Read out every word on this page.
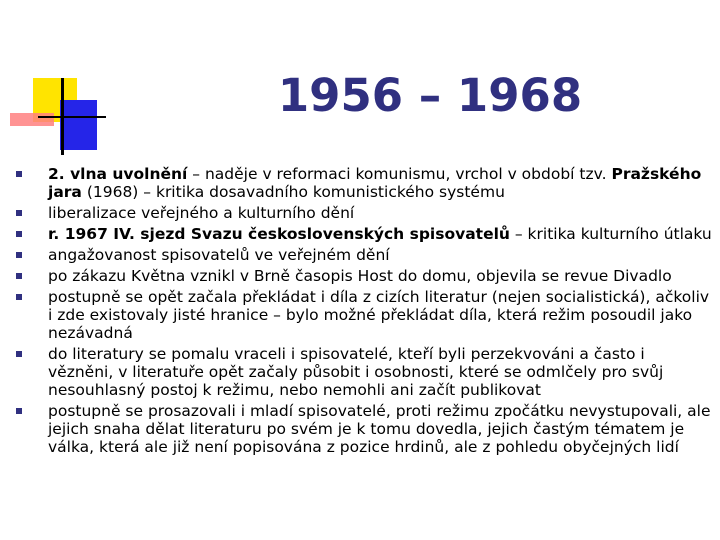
1956 – 1968
2. vlna uvolnění – naděje v reformaci komunismu, vrchol v období tzv. Pražského jara (1968) – kritika dosavadního komunistického systému
liberalizace veřejného a kulturního dění
r. 1967 IV. sjezd Svazu československých spisovatelů – kritika kulturního útlaku
angažovanost spisovatelů ve veřejném dění
po zákazu Května vznikl v Brně časopis Host do domu, objevila se revue Divadlo
postupně se opět začala překládat i díla z cizích literatur (nejen socialistická), ačkoliv i zde existovaly jisté hranice – bylo možné překládat díla, která režim posoudil jako nezávadná
do literatury se pomalu vraceli i spisovatelé, kteří byli perzekvováni a často i vězněni, v literatuře opět začaly působit i osobnosti, které se odmlčely pro svůj nesouhlasný postoj k režimu, nebo nemohli ani začít publikovat
postupně se prosazovali i mladí spisovatelé, proti režimu zpočátku nevystupovali, ale jejich snaha dělat literaturu po svém je k tomu dovedla, jejich častým tématem je válka, která ale již není popisována z pozice hrdinů, ale z pohledu obyčejných lidí
